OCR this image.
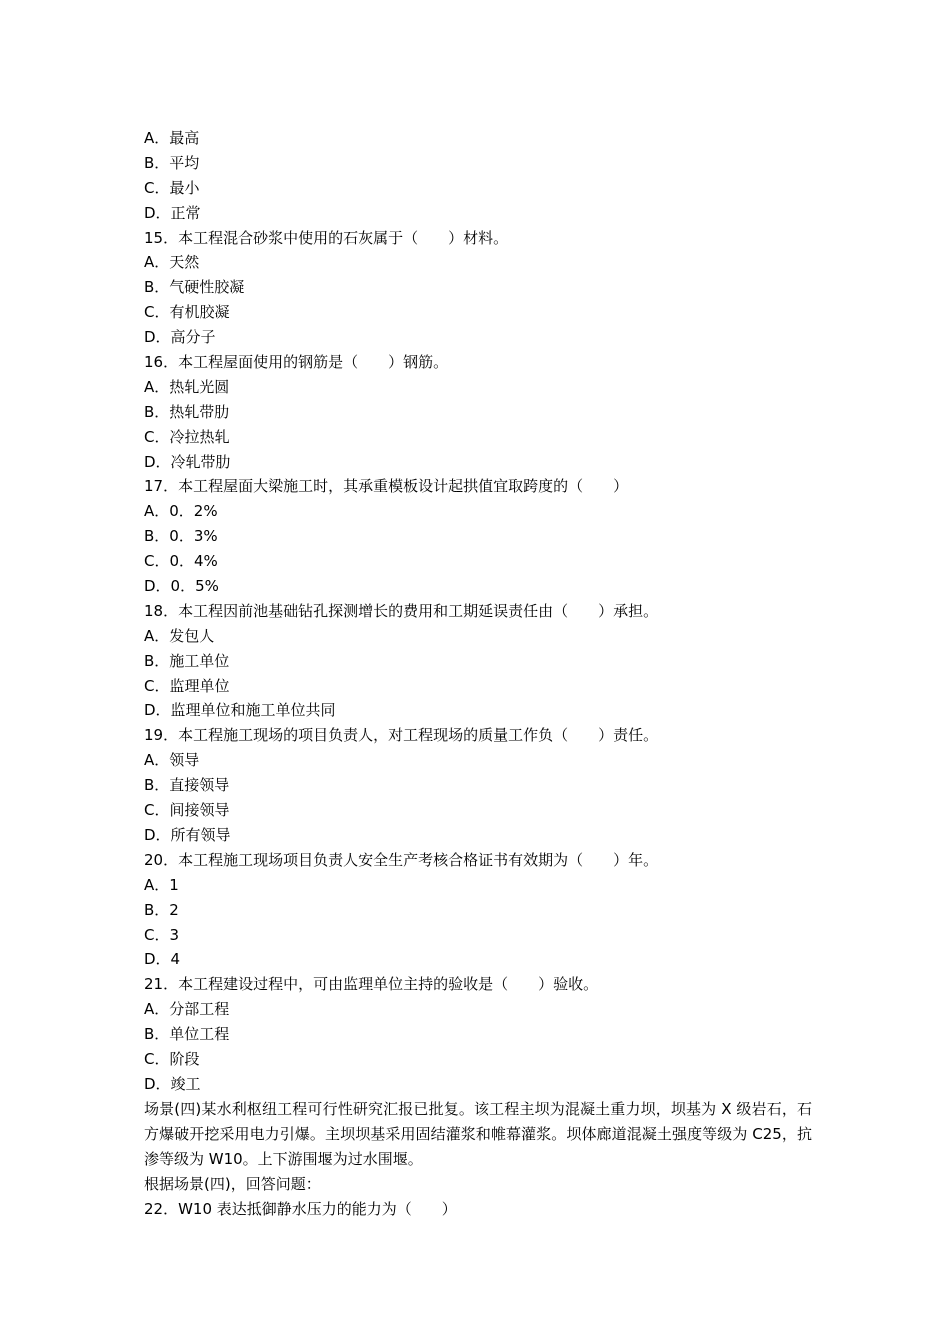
A．最高
B．平均
C．最小
D．正常
15．本工程混合砂浆中使用的石灰属于（　　）材料。
A．天然
B．气硬性胶凝
C．有机胶凝
D．高分子
16．本工程屋面使用的钢筋是（　　）钢筋。
A．热轧光圆
B．热轧带肋
C．冷拉热轧
D．冷轧带肋
17．本工程屋面大梁施工时，其承重模板设计起拱值宜取跨度的（　　）
A．0．2%
B．0．3%
C．0．4%
D．0．5%
18．本工程因前池基础钻孔探测增长的费用和工期延误责任由（　　）承担。
A．发包人
B．施工单位
C．监理单位
D．监理单位和施工单位共同
19．本工程施工现场的项目负责人，对工程现场的质量工作负（　　）责任。
A．领导
B．直接领导
C．间接领导
D．所有领导
20．本工程施工现场项目负责人安全生产考核合格证书有效期为（　　）年。
A．1
B．2
C．3
D．4
21．本工程建设过程中，可由监理单位主持的验收是（　　）验收。
A．分部工程
B．单位工程
C．阶段
D．竣工
场景(四)某水利枢纽工程可行性研究汇报已批复。该工程主坝为混凝土重力坝，坝基为 X 级岩石，石方爆破开挖采用电力引爆。主坝坝基采用固结灌浆和帷幕灌浆。坝体廊道混凝土强度等级为 C25，抗渗等级为 W10。上下游围堰为过水围堰。
根据场景(四)，回答问题：
22．W10 表达抵御静水压力的能力为（　　）
